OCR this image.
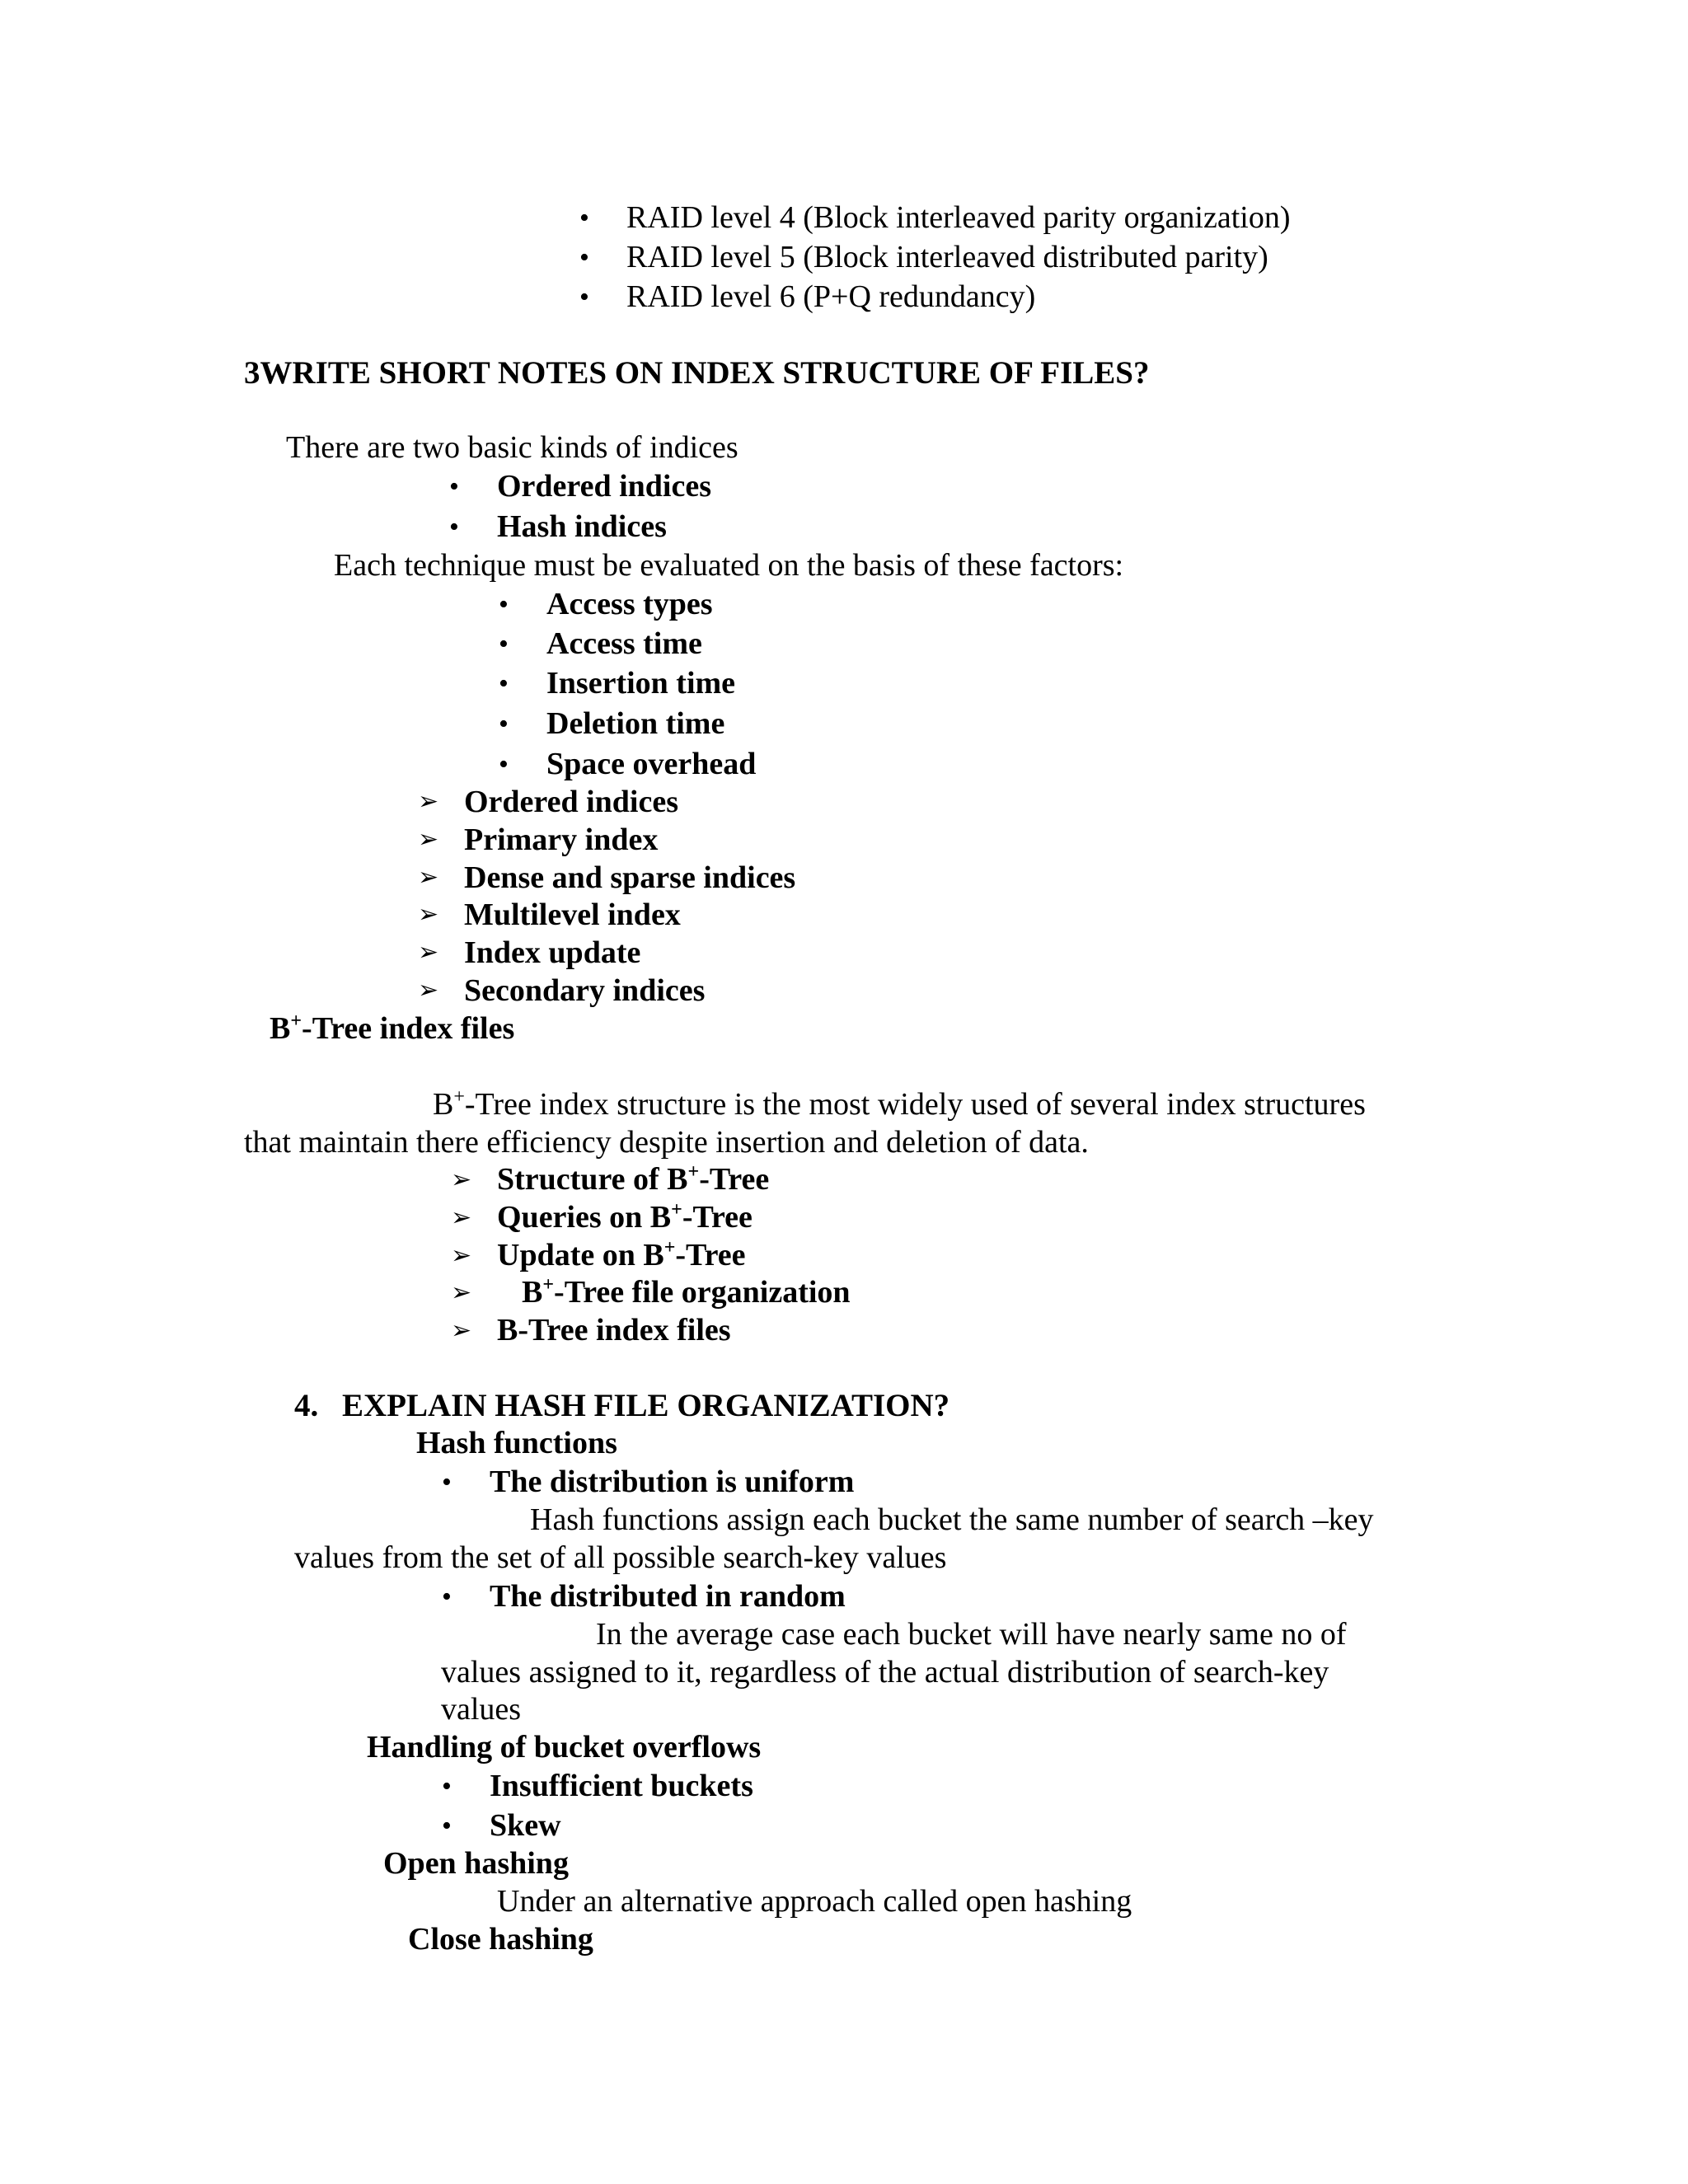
• RAID level 4 (Block interleaved parity organization)
• RAID level 5 (Block interleaved distributed parity)
• RAID level 6 (P+Q redundancy)
3WRITE SHORT NOTES ON INDEX STRUCTURE OF FILES?
There are two basic kinds of indices
• Ordered indices
• Hash indices
Each technique must be evaluated on the basis of these factors:
• Access types
• Access time
• Insertion time
• Deletion time
• Space overhead
➢ Ordered indices
➢ Primary index
➢ Dense and sparse indices
➢ Multilevel index
➢ Index update
➢ Secondary indices
B+-Tree index files
B+-Tree index structure is the most widely used of several index structures
that maintain there efficiency despite insertion and deletion of data.
➢ Structure of B+-Tree
➢ Queries on B+-Tree
➢ Update on B+-Tree
➢ B+-Tree file organization
➢ B-Tree index files
4. EXPLAIN HASH FILE ORGANIZATION?
Hash functions
• The distribution is uniform
Hash functions assign each bucket the same number of search –key
values from the set of all possible search-key values
• The distributed in random
In the average case each bucket will have nearly same no of
values assigned to it, regardless of the actual distribution of search-key
values
Handling of bucket overflows
• Insufficient buckets
• Skew
Open hashing
Under an alternative approach called open hashing
Close hashing
